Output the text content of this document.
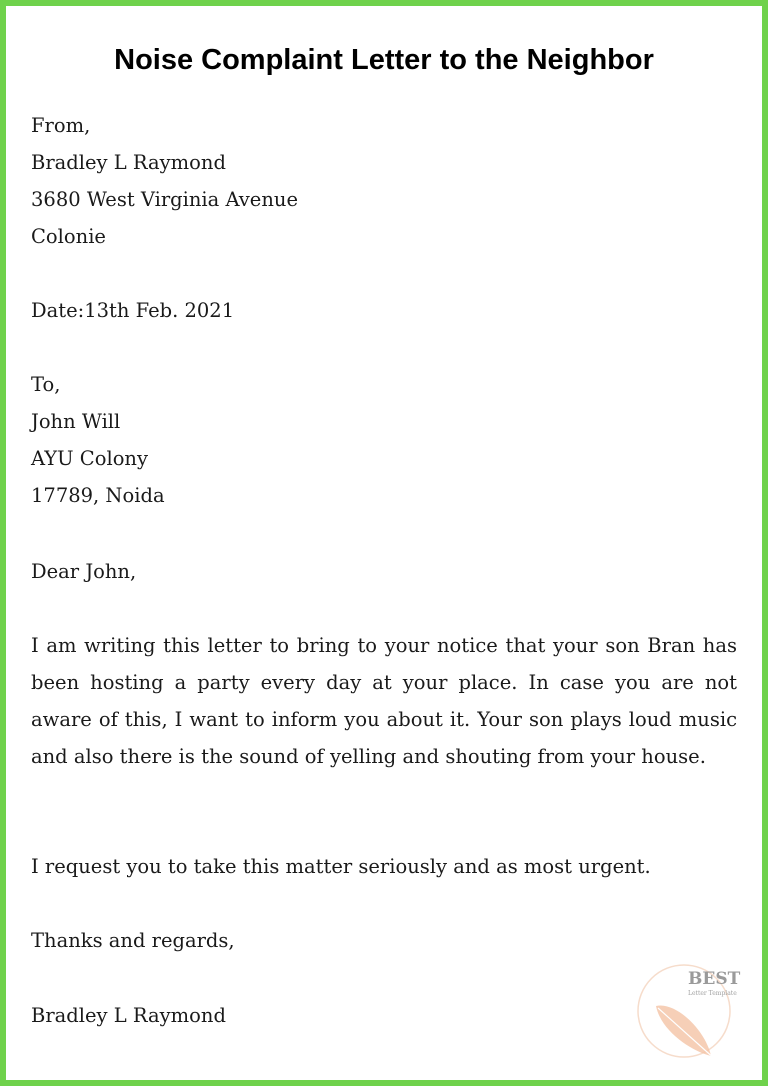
Noise Complaint Letter to the Neighbor
From,
Bradley L Raymond
3680 West Virginia Avenue
Colonie
Date:13th Feb. 2021
To,
John Will
AYU Colony
17789, Noida
Dear John,
I am writing this letter to bring to your notice that your son Bran has been hosting a party every day at your place. In case you are not aware of this, I want to inform you about it. Your son plays loud music and also there is the sound of yelling and shouting from your house.
I request you to take this matter seriously and as most urgent.
Thanks and regards,
Bradley L Raymond
BEST
Letter Template
